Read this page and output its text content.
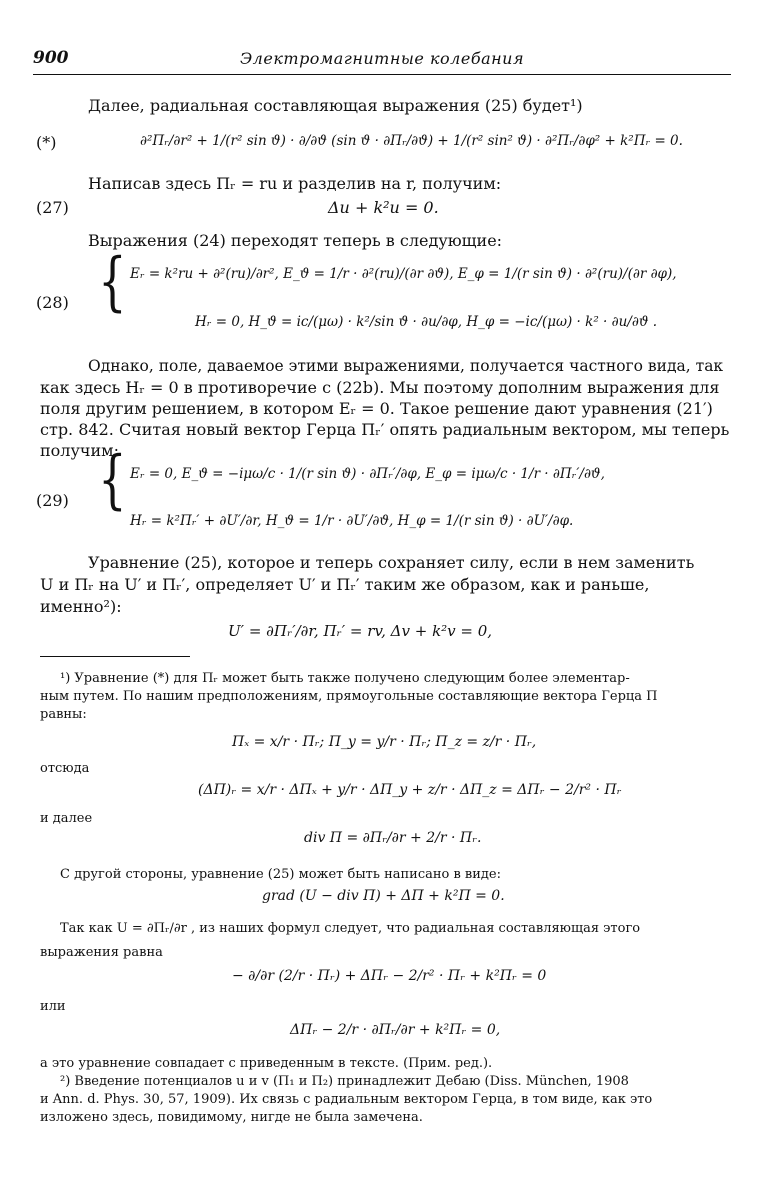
900	Электромагнитные колебания
Далее, радиальная составляющая выражения (25) будет¹)
(*)	∂²Πᵣ/∂r² + 1/(r² sin ϑ) · ∂/∂ϑ (sin ϑ · ∂Πᵣ/∂ϑ) + 1/(r² sin² ϑ) · ∂²Πᵣ/∂φ² + k²Πᵣ = 0.
Написав здесь Πᵣ = ru и разделив на r, получим:
(27)	Δu + k²u = 0.
Выражения (24) переходят теперь в следующие:
(28) { Eᵣ = k²ru + ∂²(ru)/∂r², E_ϑ = 1/r · ∂²(ru)/(∂r ∂ϑ), E_φ = 1/(r sin ϑ) · ∂²(ru)/(∂r ∂φ),
Hᵣ = 0, H_ϑ = ic/(μω) · k²/sin ϑ · ∂u/∂φ, H_φ = −ic/(μω) · k² · ∂u/∂ϑ .
Однако, поле, даваемое этими выражениями, получается частного вида, так
как здесь Hᵣ = 0 в противоречие с (22b). Мы поэтому дополним выражения для
поля другим решением, в котором Eᵣ = 0. Такое решение дают уравнения (21′)
стр. 842. Считая новый вектор Герца Πᵣ′ опять радиальным вектором, мы теперь
получим:
(29) { Eᵣ = 0, E_ϑ = −iμω/c · 1/(r sin ϑ) · ∂Πᵣ′/∂φ, E_φ = iμω/c · 1/r · ∂Πᵣ′/∂ϑ,
Hᵣ = k²Πᵣ′ + ∂U′/∂r, H_ϑ = 1/r · ∂U′/∂ϑ, H_φ = 1/(r sin ϑ) · ∂U′/∂φ.
Уравнение (25), которое и теперь сохраняет силу, если в нем заменить
U и Πᵣ на U′ и Πᵣ′, определяет U′ и Πᵣ′ таким же образом, как и раньше,
именно²):
U′ = ∂Πᵣ′/∂r, Πᵣ′ = rv, Δv + k²v = 0,
¹) Уравнение (*) для Πᵣ может быть также получено следующим более элементар-
ным путем. По нашим предположениям, прямоугольные составляющие вектора Герца Π
равны:
Πₓ = x/r · Πᵣ; Π_y = y/r · Πᵣ; Π_z = z/r · Πᵣ,
отсюда
(ΔΠ)ᵣ = x/r · ΔΠₓ + y/r · ΔΠ_y + z/r · ΔΠ_z = ΔΠᵣ − 2/r² · Πᵣ
и далее
div Π = ∂Πᵣ/∂r + 2/r · Πᵣ.
С другой стороны, уравнение (25) может быть написано в виде:
grad (U − div Π) + ΔΠ + k²Π = 0.
Так как U = ∂Πᵣ/∂r , из наших формул следует, что радиальная составляющая этого
выражения равна
− ∂/∂r (2/r · Πᵣ) + ΔΠᵣ − 2/r² · Πᵣ + k²Πᵣ = 0
или
ΔΠᵣ − 2/r · ∂Πᵣ/∂r + k²Πᵣ = 0,
а это уравнение совпадает с приведенным в тексте. (Прим. ред.).
²) Введение потенциалов u и v (Π₁ и Π₂) принадлежит Дебаю (Diss. München, 1908
и Ann. d. Phys. 30, 57, 1909). Их связь с радиальным вектором Герца, в том виде, как это
изложено здесь, повидимому, нигде не была замечена.
